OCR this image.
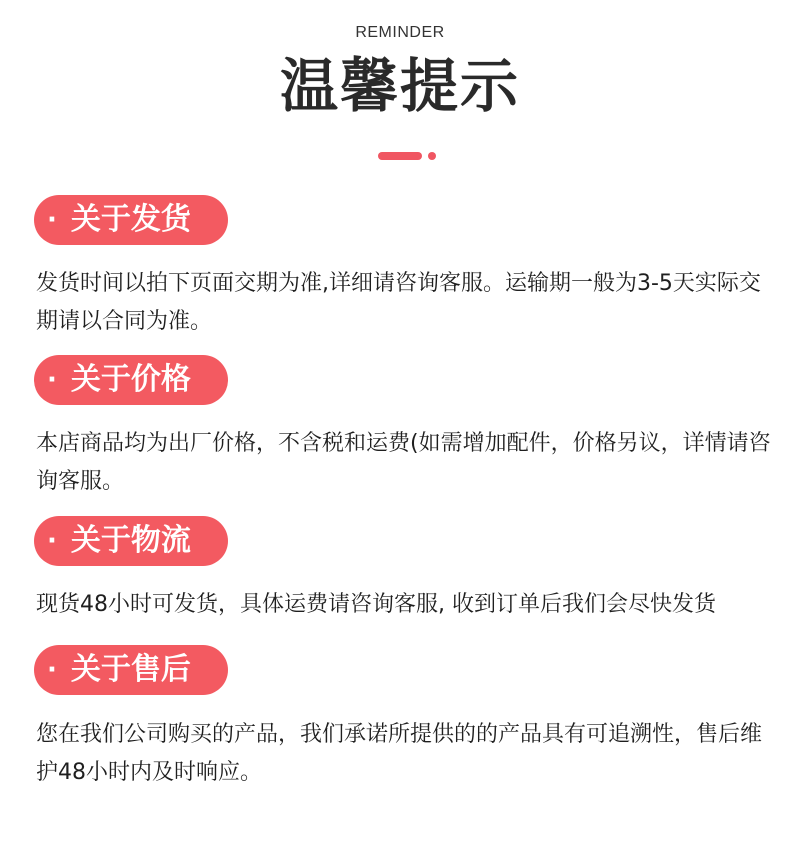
REMINDER
温馨提示
· 关于发货
发货时间以拍下页面交期为准,详细请咨询客服。运输期一般为3-5天实际交期请以合同为准。
· 关于价格
本店商品均为出厂价格，不含税和运费(如需增加配件，价格另议，详情请咨询客服。
· 关于物流
现货48小时可发货，具体运费请咨询客服, 收到订单后我们会尽快发货
· 关于售后
您在我们公司购买的产品，我们承诺所提供的的产品具有可追溯性，售后维护48小时内及时响应。
